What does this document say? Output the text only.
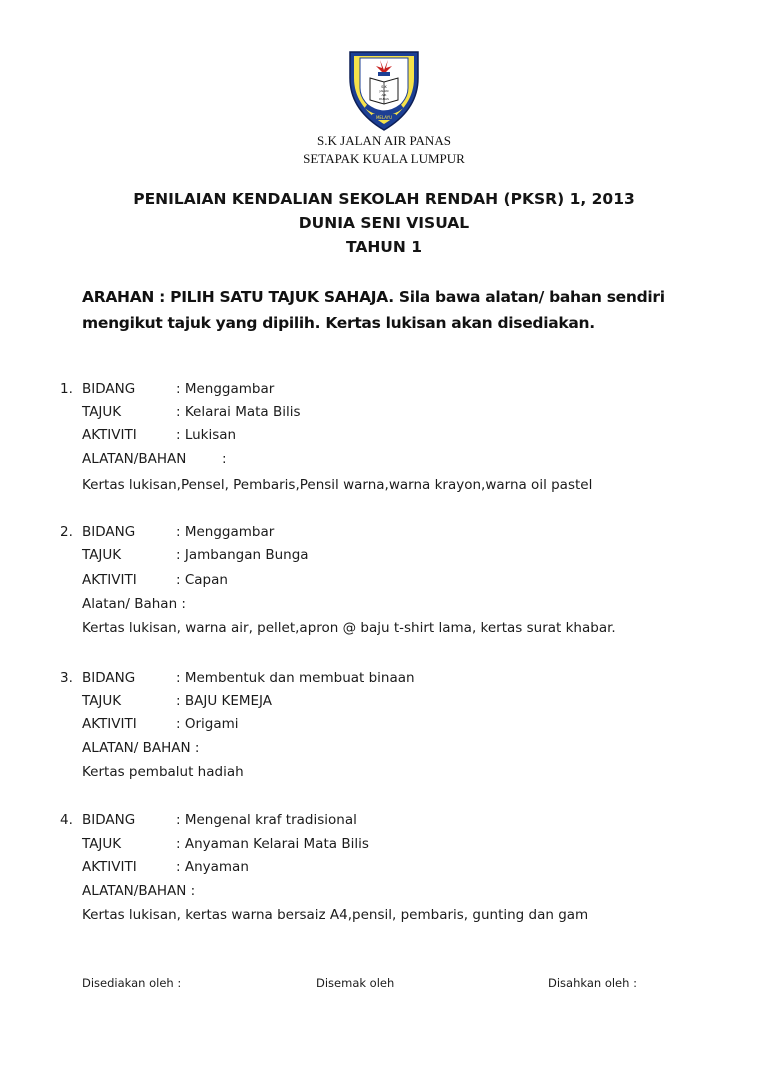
S.K
JALAN
AIR
PANAS
MELAYU
S.K JALAN AIR PANAS
SETAPAK KUALA LUMPUR
PENILAIAN KENDALIAN SEKOLAH RENDAH (PKSR) 1, 2013
DUNIA SENI VISUAL
TAHUN 1
ARAHAN : PILIH SATU TAJUK SAHAJA. Sila bawa alatan/ bahan sendiri
mengikut tajuk yang dipilih. Kertas lukisan akan disediakan.
1. BIDANG	: Menggambar
TAJUK	: Kelarai Mata Bilis
AKTIVITI	: Lukisan
ALATAN/BAHAN	:
Kertas lukisan,Pensel, Pembaris,Pensil warna,warna krayon,warna oil pastel
2. BIDANG	: Menggambar
TAJUK	: Jambangan Bunga
AKTIVITI	: Capan
Alatan/ Bahan :
Kertas lukisan, warna air, pellet,apron @ baju t-shirt lama, kertas surat khabar.
3. BIDANG	: Membentuk dan membuat binaan
TAJUK	: BAJU KEMEJA
AKTIVITI	: Origami
ALATAN/ BAHAN :
Kertas pembalut hadiah
4. BIDANG	: Mengenal kraf tradisional
TAJUK	: Anyaman Kelarai Mata Bilis
AKTIVITI	: Anyaman
ALATAN/BAHAN :
Kertas lukisan, kertas warna bersaiz A4,pensil, pembaris, gunting dan gam
Disediakan oleh :	Disemak oleh	Disahkan oleh :
